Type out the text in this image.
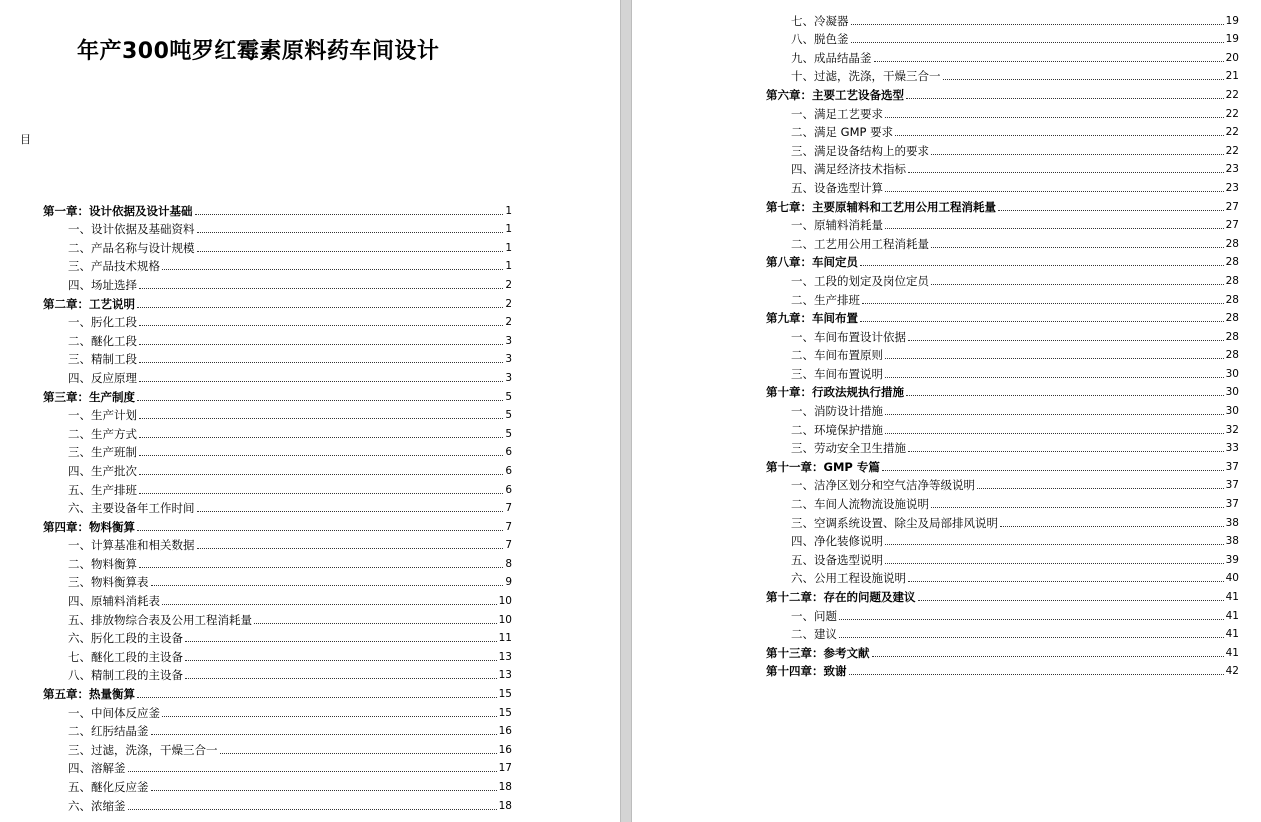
年产300吨罗红霉素原料药车间设计
目
第一章：设计依据及设计基础	1
一、设计依据及基础资料	1
二、产品名称与设计规模	1
三、产品技术规格	1
四、场址选择	2
第二章：工艺说明	2
一、肟化工段	2
二、醚化工段	3
三、精制工段	3
四、反应原理	3
第三章：生产制度	5
一、生产计划	5
二、生产方式	5
三、生产班制	6
四、生产批次	6
五、生产排班	6
六、主要设备年工作时间	7
第四章：物料衡算	7
一、计算基准和相关数据	7
二、物料衡算	8
三、物料衡算表	9
四、原辅料消耗表	10
五、排放物综合表及公用工程消耗量	10
六、肟化工段的主设备	11
七、醚化工段的主设备	13
八、精制工段的主设备	13
第五章：热量衡算	15
一、中间体反应釜	15
二、红肟结晶釜	16
三、过滤，洗涤，干燥三合一	16
四、溶解釜	17
五、醚化反应釜	18
六、浓缩釜	18
七、冷凝器	19
八、脱色釜	19
九、成品结晶釜	20
十、过滤，洗涤，干燥三合一	21
第六章：主要工艺设备选型	22
一、满足工艺要求	22
二、满足 GMP 要求	22
三、满足设备结构上的要求	22
四、满足经济技术指标	23
五、设备选型计算	23
第七章：主要原辅料和工艺用公用工程消耗量	27
一、原辅料消耗量	27
二、工艺用公用工程消耗量	28
第八章：车间定员	28
一、工段的划定及岗位定员	28
二、生产排班	28
第九章：车间布置	28
一、车间布置设计依据	28
二、车间布置原则	28
三、车间布置说明	30
第十章：行政法规执行措施	30
一、消防设计措施	30
二、环境保护措施	32
三、劳动安全卫生措施	33
第十一章：GMP 专篇	37
一、洁净区划分和空气洁净等级说明	37
二、车间人流物流设施说明	37
三、空调系统设置、除尘及局部排风说明	38
四、净化装修说明	38
五、设备选型说明	39
六、公用工程设施说明	40
第十二章：存在的问题及建议	41
一、问题	41
二、建议	41
第十三章：参考文献	41
第十四章：致谢	42
